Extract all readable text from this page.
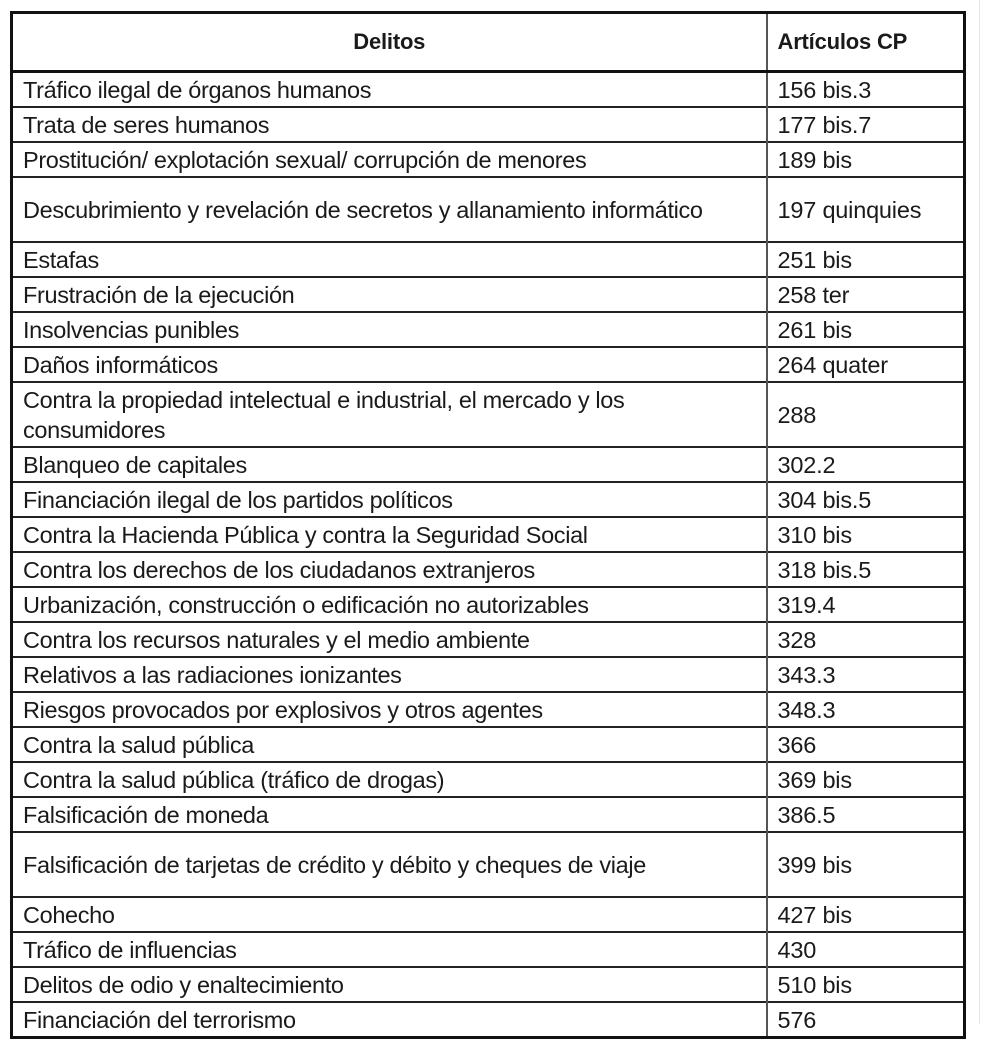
Delitos	Artículos CP
Tráfico ilegal de órganos humanos	156 bis.3
Trata de seres humanos	177 bis.7
Prostitución/ explotación sexual/ corrupción de menores	189 bis
Descubrimiento y revelación de secretos y allanamiento informático	197 quinquies
Estafas	251 bis
Frustración de la ejecución	258 ter
Insolvencias punibles	261 bis
Daños informáticos	264 quater
Contra la propiedad intelectual e industrial, el mercado y los consumidores	288
Blanqueo de capitales	302.2
Financiación ilegal de los partidos políticos	304 bis.5
Contra la Hacienda Pública y contra la Seguridad Social	310 bis
Contra los derechos de los ciudadanos extranjeros	318 bis.5
Urbanización, construcción o edificación no autorizables	319.4
Contra los recursos naturales y el medio ambiente	328
Relativos a las radiaciones ionizantes	343.3
Riesgos provocados por explosivos y otros agentes	348.3
Contra la salud pública	366
Contra la salud pública (tráfico de drogas)	369 bis
Falsificación de moneda	386.5
Falsificación de tarjetas de crédito y débito y cheques de viaje	399 bis
Cohecho	427 bis
Tráfico de influencias	430
Delitos de odio y enaltecimiento	510 bis
Financiación del terrorismo	576
